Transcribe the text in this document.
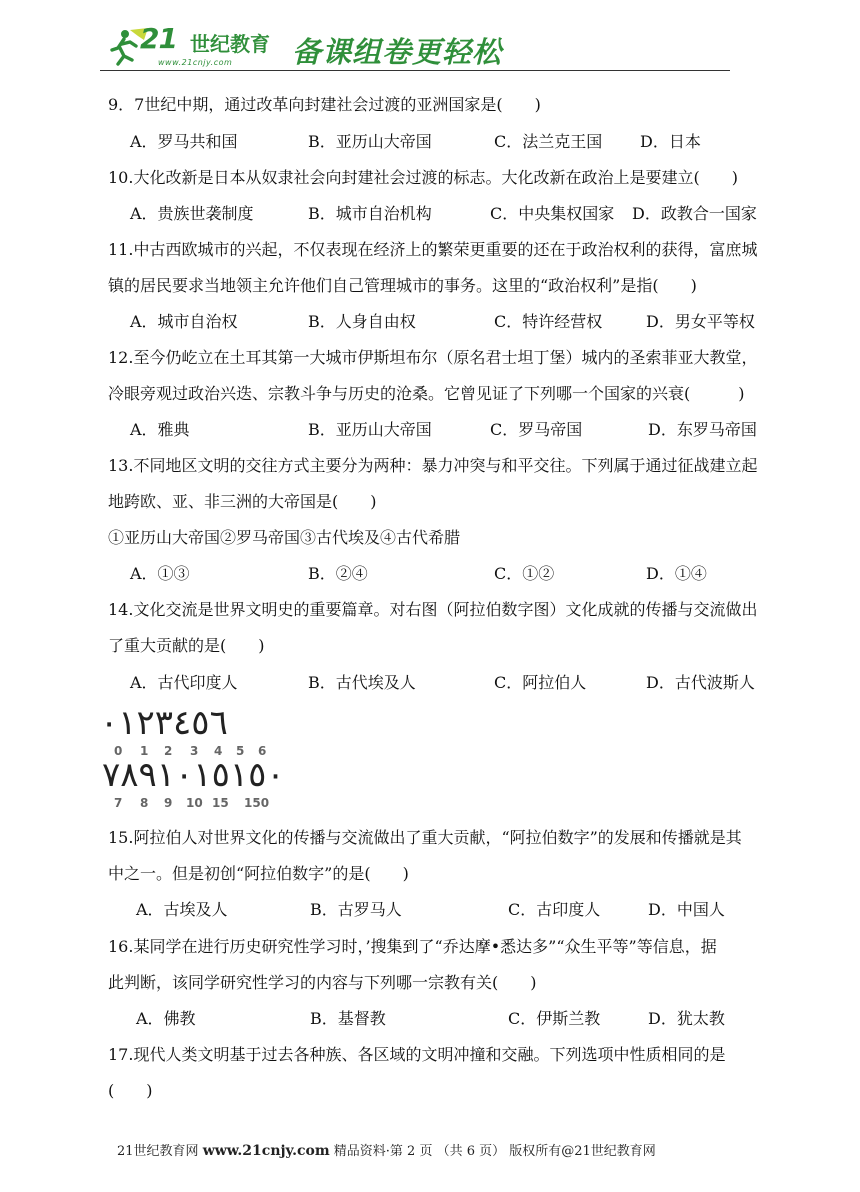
21 世纪教育
www.21cnjy.com 备课组卷更轻松
9．7世纪中期，通过改革向封建社会过渡的亚洲国家是(　　)
A．罗马共和国	B．亚历山大帝国	C．法兰克王国 D．日本
10.大化改新是日本从奴隶社会向封建社会过渡的标志。大化改新在政治上是要建立(　　)
A．贵族世袭制度	B．城市自治机构	C．中央集权国家 D．政教合一国家
11.中古西欧城市的兴起，不仅表现在经济上的繁荣更重要的还在于政治权利的获得，富庶城
镇的居民要求当地领主允许他们自己管理城市的事务。这里的“政治权利”是指(　　)
A．城市自治权	B．人身自由权	C．特许经营权	D．男女平等权
12.至今仍屹立在土耳其第一大城市伊斯坦布尔（原名君士坦丁堡）城内的圣索菲亚大教堂，
冷眼旁观过政治兴迭、宗教斗争与历史的沧桑。它曾见证了下列哪一个国家的兴衰(　　　)
A．雅典	B．亚历山大帝国	C．罗马帝国	D．东罗马帝国
13.不同地区文明的交往方式主要分为两种：暴力冲突与和平交往。下列属于通过征战建立起
地跨欧、亚、非三洲的大帝国是(　　)
①亚历山大帝国②罗马帝国③古代埃及④古代希腊
A．①③	B．②④	C．①②	D．①④
14.文化交流是世界文明史的重要篇章。对右图（阿拉伯数字图）文化成就的传播与交流做出
了重大贡献的是(　　)
A．古代印度人	B．古代埃及人	C．阿拉伯人	D．古代波斯人
٠١٢٣٤٥٦
0 1 2 3 4 5 6
٧٨٩١٠١٥١٥٠
7 8 9 10 15 150
15.阿拉伯人对世界文化的传播与交流做出了重大贡献，“阿拉伯数字”的发展和传播就是其
中之一。但是初创“阿拉伯数字”的是(　　)
A．古埃及人	B．古罗马人	C．古印度人	D．中国人
16.某同学在进行历史研究性学习时，’搜集到了“乔达摩•悉达多”“众生平等”等信息，据
此判断，该同学研究性学习的内容与下列哪一宗教有关(　　)
A．佛教	B．基督教	C．伊斯兰教	D．犹太教
17.现代人类文明基于过去各种族、各区域的文明冲撞和交融。下列选项中性质相同的是
(　　)
21世纪教育网 www.21cnjy.com 精品资料·第 2 页 （共 6 页） 版权所有@21世纪教育网
